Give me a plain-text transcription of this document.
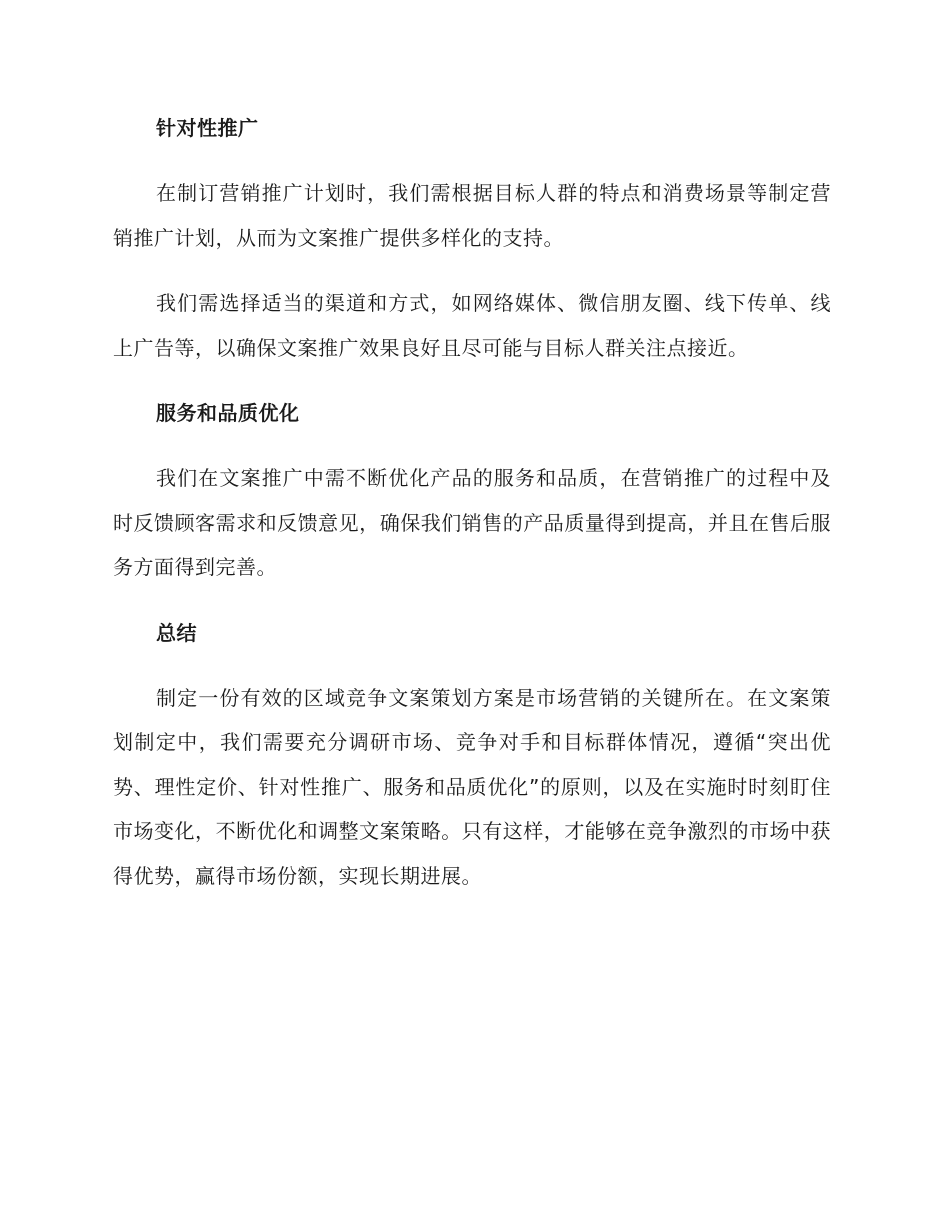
针对性推广

在制订营销推广计划时，我们需根据目标人群的特点和消费场景等制定营销推广计划，从而为文案推广提供多样化的支持。

我们需选择适当的渠道和方式，如网络媒体、微信朋友圈、线下传单、线上广告等，以确保文案推广效果良好且尽可能与目标人群关注点接近。

服务和品质优化

我们在文案推广中需不断优化产品的服务和品质，在营销推广的过程中及时反馈顾客需求和反馈意见，确保我们销售的产品质量得到提高，并且在售后服务方面得到完善。

总结

制定一份有效的区域竞争文案策划方案是市场营销的关键所在。在文案策划制定中，我们需要充分调研市场、竞争对手和目标群体情况，遵循“突出优势、理性定价、针对性推广、服务和品质优化”的原则，以及在实施时时刻盯住市场变化，不断优化和调整文案策略。只有这样，才能够在竞争激烈的市场中获得优势，赢得市场份额，实现长期进展。
